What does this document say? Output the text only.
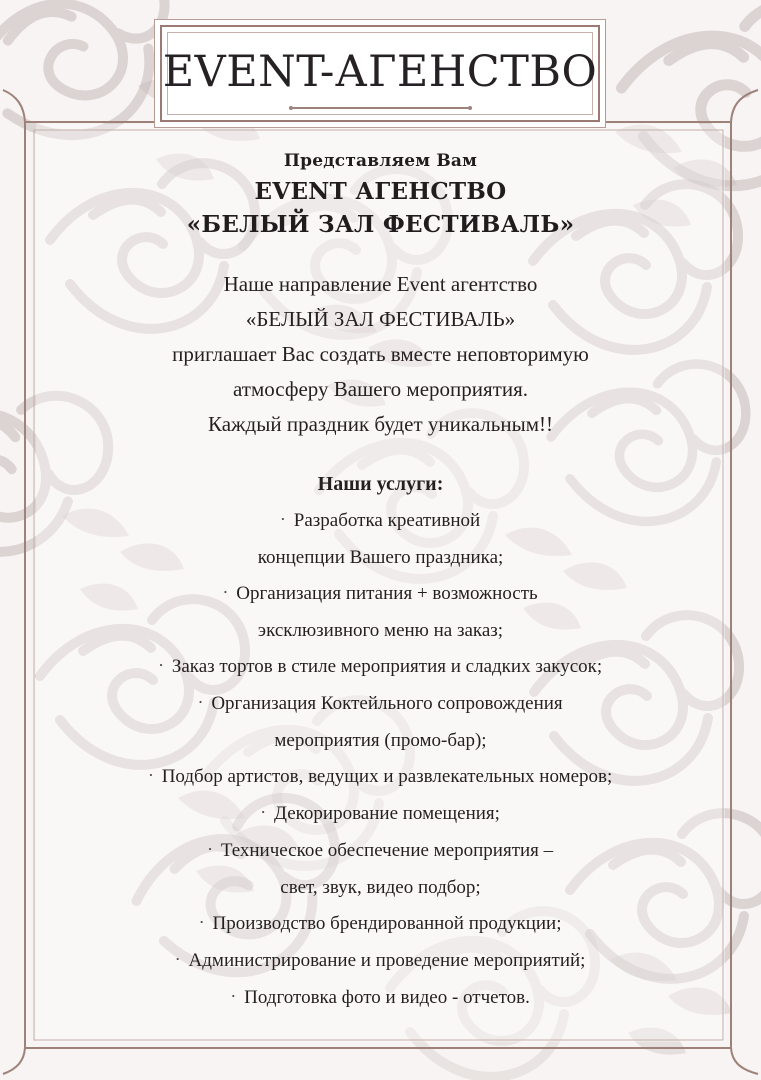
EVENT-АГЕНСТВО
Представляем Вам
EVENT АГЕНСТВО
«БЕЛЫЙ ЗАЛ ФЕСТИВАЛЬ»
Наше направление Event агентство
«БЕЛЫЙ ЗАЛ ФЕСТИВАЛЬ»
приглашает Вас создать вместе неповторимую
атмосферу Вашего мероприятия.
Каждый праздник будет уникальным!!
Наши услуги:
· Разработка креативной
концепции Вашего праздника;
· Организация питания + возможность
эксклюзивного меню на заказ;
· Заказ тортов в стиле мероприятия и сладких закусок;
· Организация Коктейльного сопровождения
мероприятия (промо-бар);
· Подбор артистов, ведущих и развлекательных номеров;
· Декорирование помещения;
· Техническое обеспечение мероприятия –
свет, звук, видео подбор;
· Производство брендированной продукции;
· Администрирование и проведение мероприятий;
· Подготовка фото и видео - отчетов.
